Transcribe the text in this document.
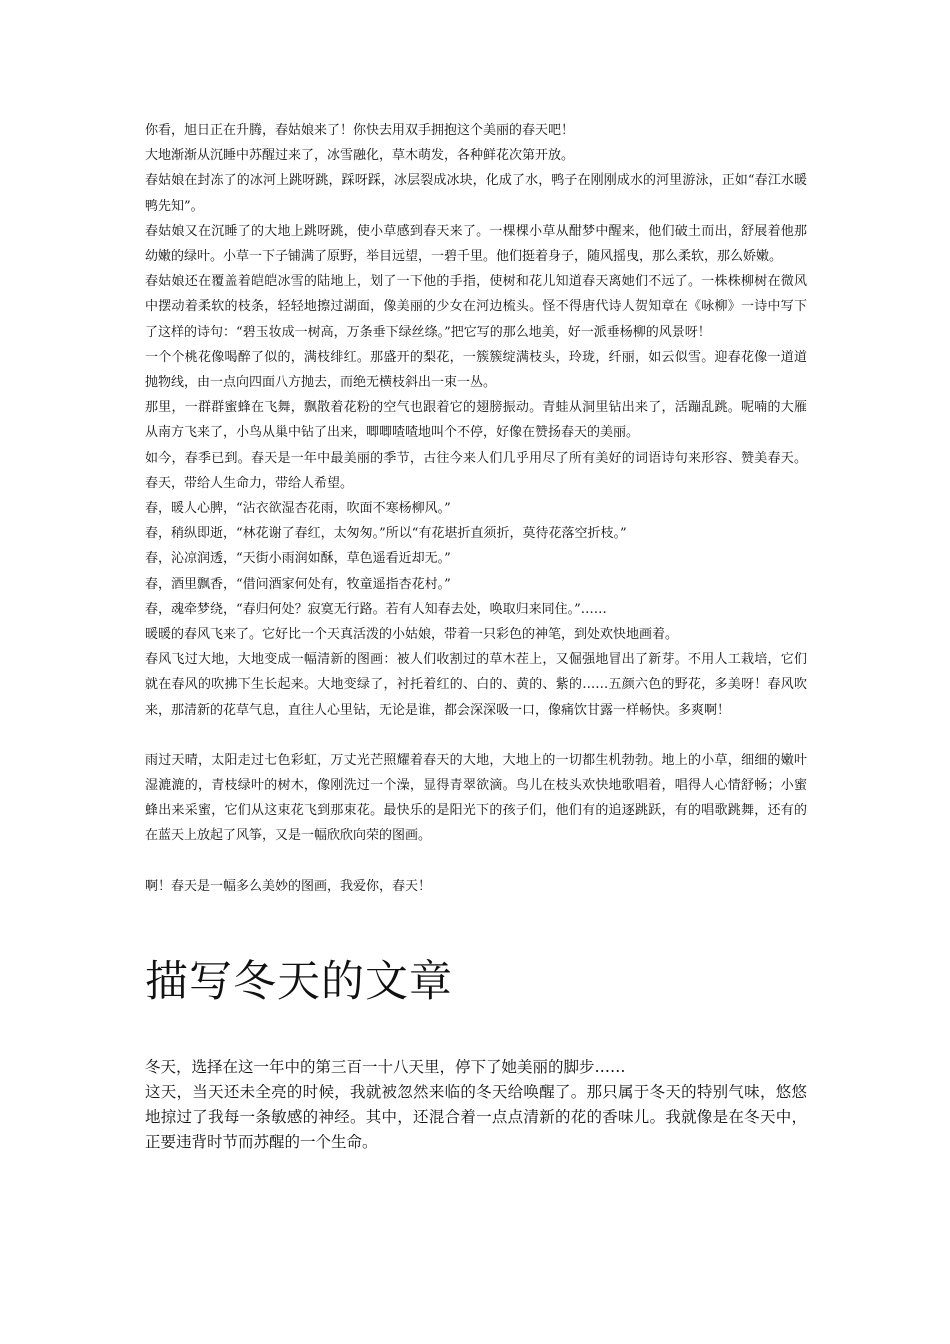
你看，旭日正在升腾，春姑娘来了！你快去用双手拥抱这个美丽的春天吧！

大地渐渐从沉睡中苏醒过来了，冰雪融化，草木萌发，各种鲜花次第开放。

春姑娘在封冻了的冰河上跳呀跳，踩呀踩，冰层裂成冰块，化成了水，鸭子在刚刚成水的河里游泳，正如“春江水暖鸭先知”。

春姑娘又在沉睡了的大地上跳呀跳，使小草感到春天来了。一棵棵小草从酣梦中醒来，他们破土而出，舒展着他那幼嫩的绿叶。小草一下子铺满了原野，举目远望，一碧千里。他们挺着身子，随风摇曳，那么柔软，那么娇嫩。

春姑娘还在覆盖着皑皑冰雪的陆地上，划了一下他的手指，使树和花儿知道春天离她们不远了。一株株柳树在微风中摆动着柔软的枝条，轻轻地擦过湖面，像美丽的少女在河边梳头。怪不得唐代诗人贺知章在《咏柳》一诗中写下了这样的诗句：“碧玉妆成一树高，万条垂下绿丝绦。”把它写的那么地美，好一派垂杨柳的风景呀！

一个个桃花像喝醉了似的，满枝绯红。那盛开的梨花，一簇簇绽满枝头，玲珑，纤丽，如云似雪。迎春花像一道道抛物线，由一点向四面八方抛去，而绝无横枝斜出一束一丛。

那里，一群群蜜蜂在飞舞，飘散着花粉的空气也跟着它的翅膀振动。青蛙从洞里钻出来了，活蹦乱跳。呢喃的大雁从南方飞来了，小鸟从巢中钻了出来，唧唧喳喳地叫个不停，好像在赞扬春天的美丽。

如今，春季已到。春天是一年中最美丽的季节，古往今来人们几乎用尽了所有美好的词语诗句来形容、赞美春天。春天，带给人生命力，带给人希望。

春，暖人心脾，“沾衣欲湿杏花雨，吹面不寒杨柳风。”

春，稍纵即逝，“林花谢了春红，太匆匆。”所以“有花堪折直须折，莫待花落空折枝。”

春，沁凉润透，“天街小雨润如酥，草色遥看近却无。”

春，酒里飘香，“借问酒家何处有，牧童遥指杏花村。”

春，魂牵梦绕，“春归何处？寂寞无行路。若有人知春去处，唤取归来同住。”……

暖暖的春风飞来了。它好比一个天真活泼的小姑娘，带着一只彩色的神笔，到处欢快地画着。

春风飞过大地，大地变成一幅清新的图画：被人们收割过的草木茬上，又倔强地冒出了新芽。不用人工栽培，它们就在春风的吹拂下生长起来。大地变绿了，衬托着红的、白的、黄的、紫的……五颜六色的野花，多美呀！春风吹来，那清新的花草气息，直往人心里钻，无论是谁，都会深深吸一口，像痛饮甘露一样畅快。多爽啊！

雨过天晴，太阳走过七色彩虹，万丈光芒照耀着春天的大地，大地上的一切都生机勃勃。地上的小草，细细的嫩叶湿漉漉的，青枝绿叶的树木，像刚洗过一个澡，显得青翠欲滴。鸟儿在枝头欢快地歌唱着，唱得人心情舒畅；小蜜蜂出来采蜜，它们从这束花飞到那束花。最快乐的是阳光下的孩子们，他们有的追逐跳跃，有的唱歌跳舞，还有的在蓝天上放起了风筝，又是一幅欣欣向荣的图画。

啊！春天是一幅多么美妙的图画，我爱你，春天！

描写冬天的文章

冬天，选择在这一年中的第三百一十八天里，停下了她美丽的脚步……

这天，当天还未全亮的时候，我就被忽然来临的冬天给唤醒了。那只属于冬天的特别气味，悠悠地掠过了我每一条敏感的神经。其中，还混合着一点点清新的花的香味儿。我就像是在冬天中，正要违背时节而苏醒的一个生命。
